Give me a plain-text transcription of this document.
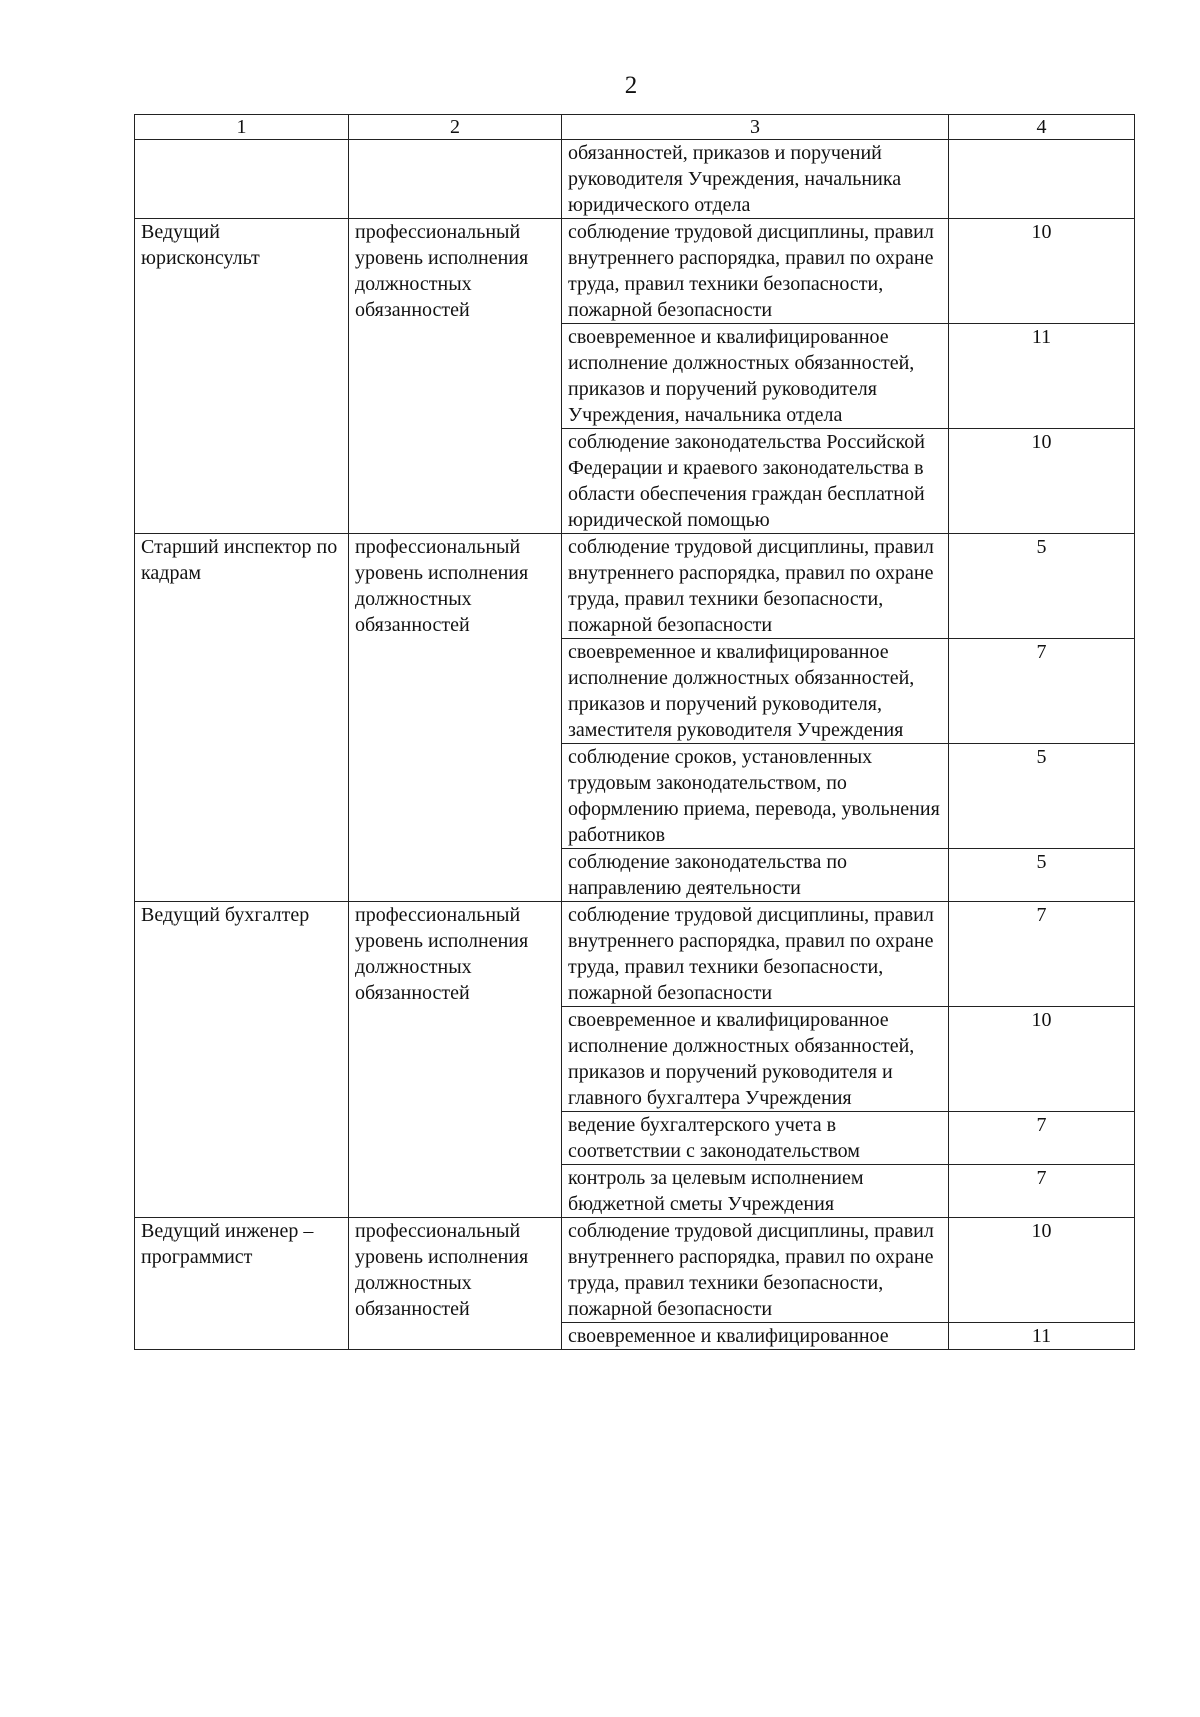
2
1	2	3	4
		обязанностей, приказов и поручений руководителя Учреждения, начальника юридического отдела	
Ведущий юрисконсульт	профессиональный уровень исполнения должностных обязанностей	соблюдение трудовой дисциплины, правил внутреннего распорядка, правил по охране труда, правил техники безопасности, пожарной безопасности	10
		своевременное и квалифицированное исполнение должностных обязанностей, приказов и поручений руководителя Учреждения, начальника отдела	11
		соблюдение законодательства Российской Федерации и краевого законодательства в области обеспечения граждан бесплатной юридической помощью	10
Старший инспектор по кадрам	профессиональный уровень исполнения должностных обязанностей	соблюдение трудовой дисциплины, правил внутреннего распорядка, правил по охране труда, правил техники безопасности, пожарной безопасности	5
		своевременное и квалифицированное исполнение должностных обязанностей, приказов и поручений руководителя, заместителя руководителя Учреждения	7
		соблюдение сроков, установленных трудовым законодательством, по оформлению приема, перевода, увольнения работников	5
		соблюдение законодательства по направлению деятельности	5
Ведущий бухгалтер	профессиональный уровень исполнения должностных обязанностей	соблюдение трудовой дисциплины, правил внутреннего распорядка, правил по охране труда, правил техники безопасности, пожарной безопасности	7
		своевременное и квалифицированное исполнение должностных обязанностей, приказов и поручений руководителя и главного бухгалтера Учреждения	10
		ведение бухгалтерского учета в соответствии с законодательством	7
		контроль за целевым исполнением бюджетной сметы Учреждения	7
Ведущий инженер – программист	профессиональный уровень исполнения должностных обязанностей	соблюдение трудовой дисциплины, правил внутреннего распорядка, правил по охране труда, правил техники безопасности, пожарной безопасности	10
		своевременное и квалифицированное	11
